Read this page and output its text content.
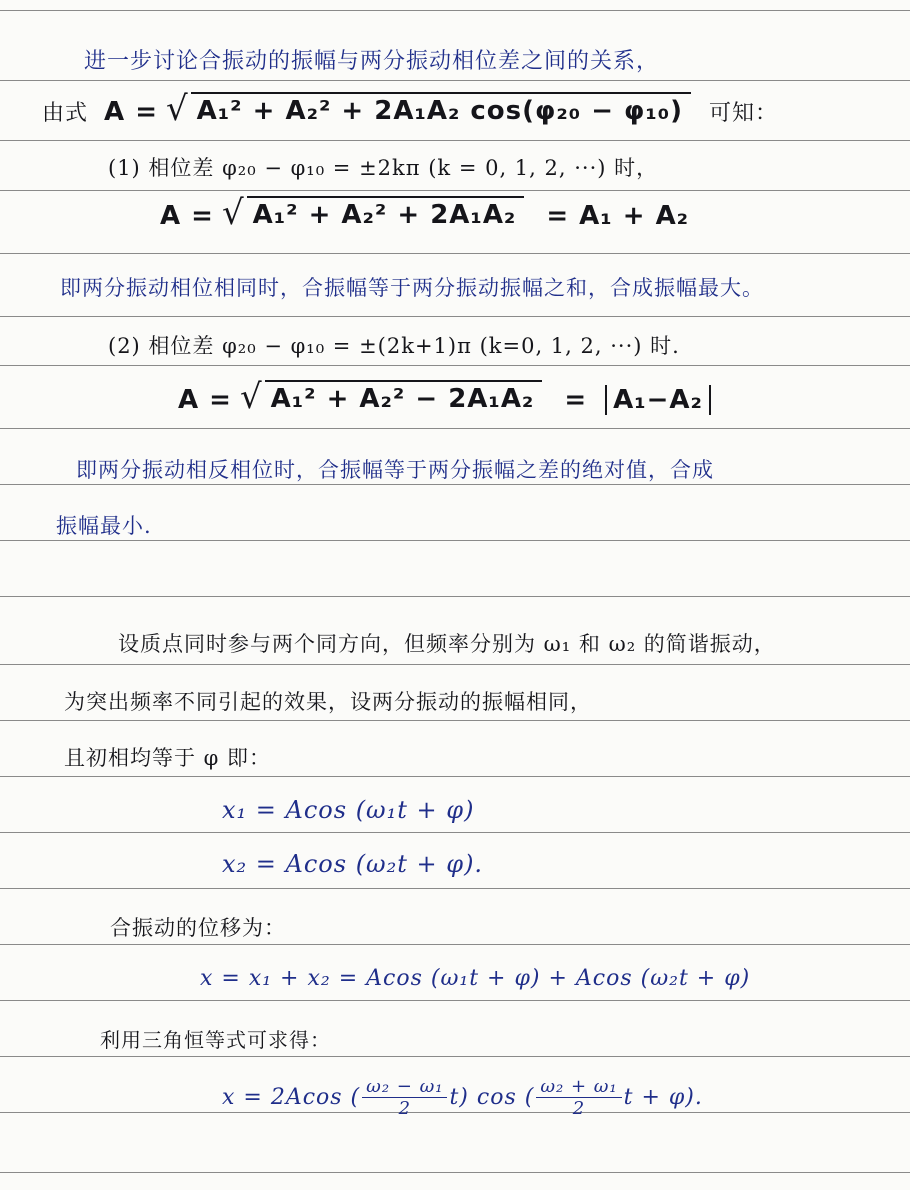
进一步讨论合振动的振幅与两分振动相位差之间的关系，
由式 A = √ A₁² + A₂² + 2A₁A₂ cos(φ₂₀ − φ₁₀)	可知：
(1) 相位差 φ₂₀ − φ₁₀ = ±2kπ (k = 0, 1, 2, ···) 时，
A = √ A₁² + A₂² + 2A₁A₂	= A₁ + A₂
即两分振动相位相同时，合振幅等于两分振动振幅之和，合成振幅最大。
(2) 相位差 φ₂₀ − φ₁₀ = ±(2k+1)π (k=0, 1, 2, ···) 时.
A = √ A₁² + A₂² − 2A₁A₂	= A₁−A₂
即两分振动相反相位时，合振幅等于两分振幅之差的绝对值，合成
振幅最小.
设质点同时参与两个同方向，但频率分别为 ω₁ 和 ω₂ 的简谐振动，
为突出频率不同引起的效果，设两分振动的振幅相同，
且初相均等于 φ 即：
x₁ = Acos (ω₁t + φ)
x₂ = Acos (ω₂t + φ).
合振动的位移为：
x = x₁ + x₂ = Acos (ω₁t + φ) + Acos (ω₂t + φ)
利用三角恒等式可求得：
x = 2Acos ( $\frac{\text{ω₂ − ω₁}}{2} t$) cos ( $\frac{\text{ω₂ + ω₁}}{2}$ t + φ).
